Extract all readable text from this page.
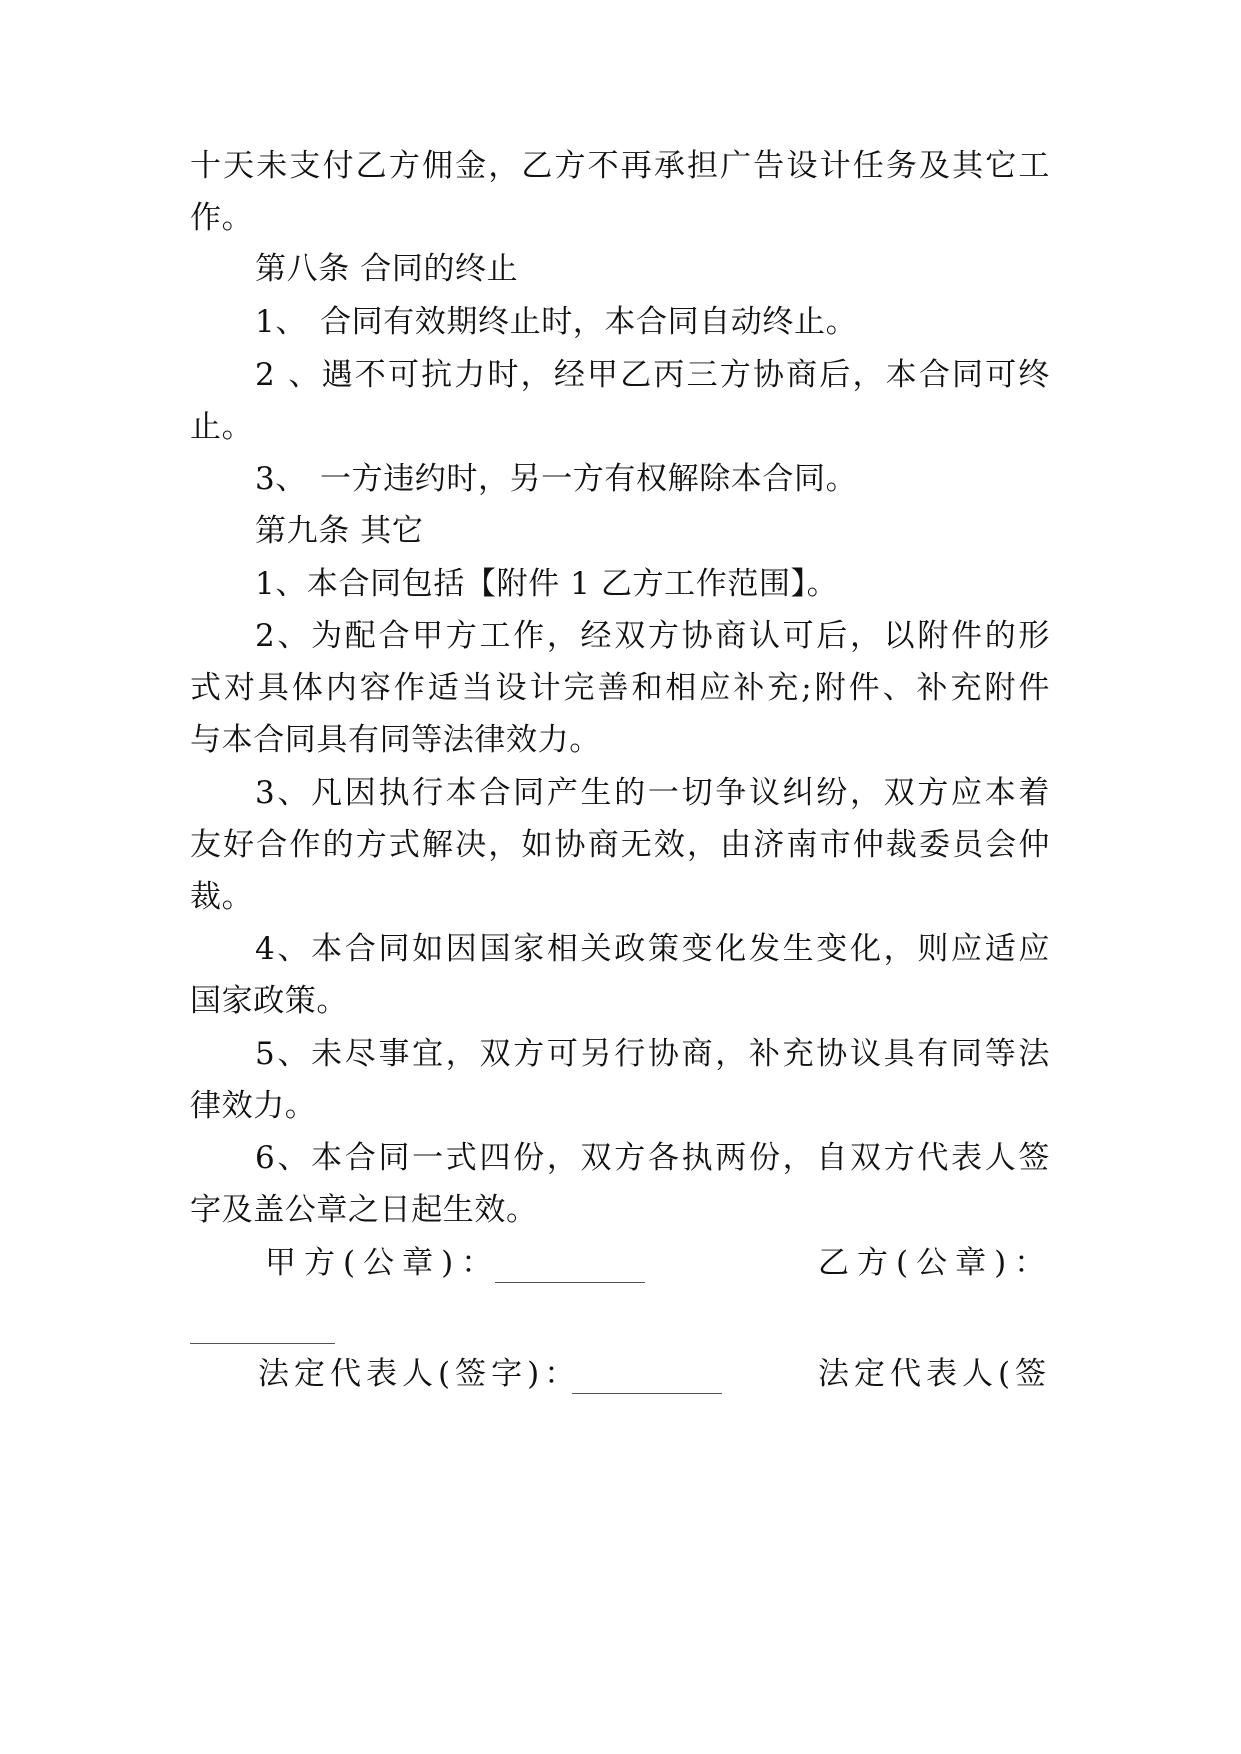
十天未支付乙方佣金，乙方不再承担广告设计任务及其它工
作。
第八条 合同的终止
1、 合同有效期终止时，本合同自动终止。
2、遇不可抗力时，经甲乙丙三方协商后，本合同可终
止。
3、 一方违约时，另一方有权解除本合同。
第九条 其它
1、本合同包括【附件 1 乙方工作范围】。
2、为配合甲方工作，经双方协商认可后，以附件的形
式对具体内容作适当设计完善和相应补充;附件、补充附件
与本合同具有同等法律效力。
3、凡因执行本合同产生的一切争议纠纷，双方应本着
友好合作的方式解决，如协商无效，由济南市仲裁委员会仲
裁。
4、本合同如因国家相关政策变化发生变化，则应适应
国家政策。
5、未尽事宜，双方可另行协商，补充协议具有同等法
律效力。
6、本合同一式四份，双方各执两份，自双方代表人签
字及盖公章之日起生效。
甲方(公章)：	乙方(公章)：
法定代表人(签字)：	法定代表人(签
